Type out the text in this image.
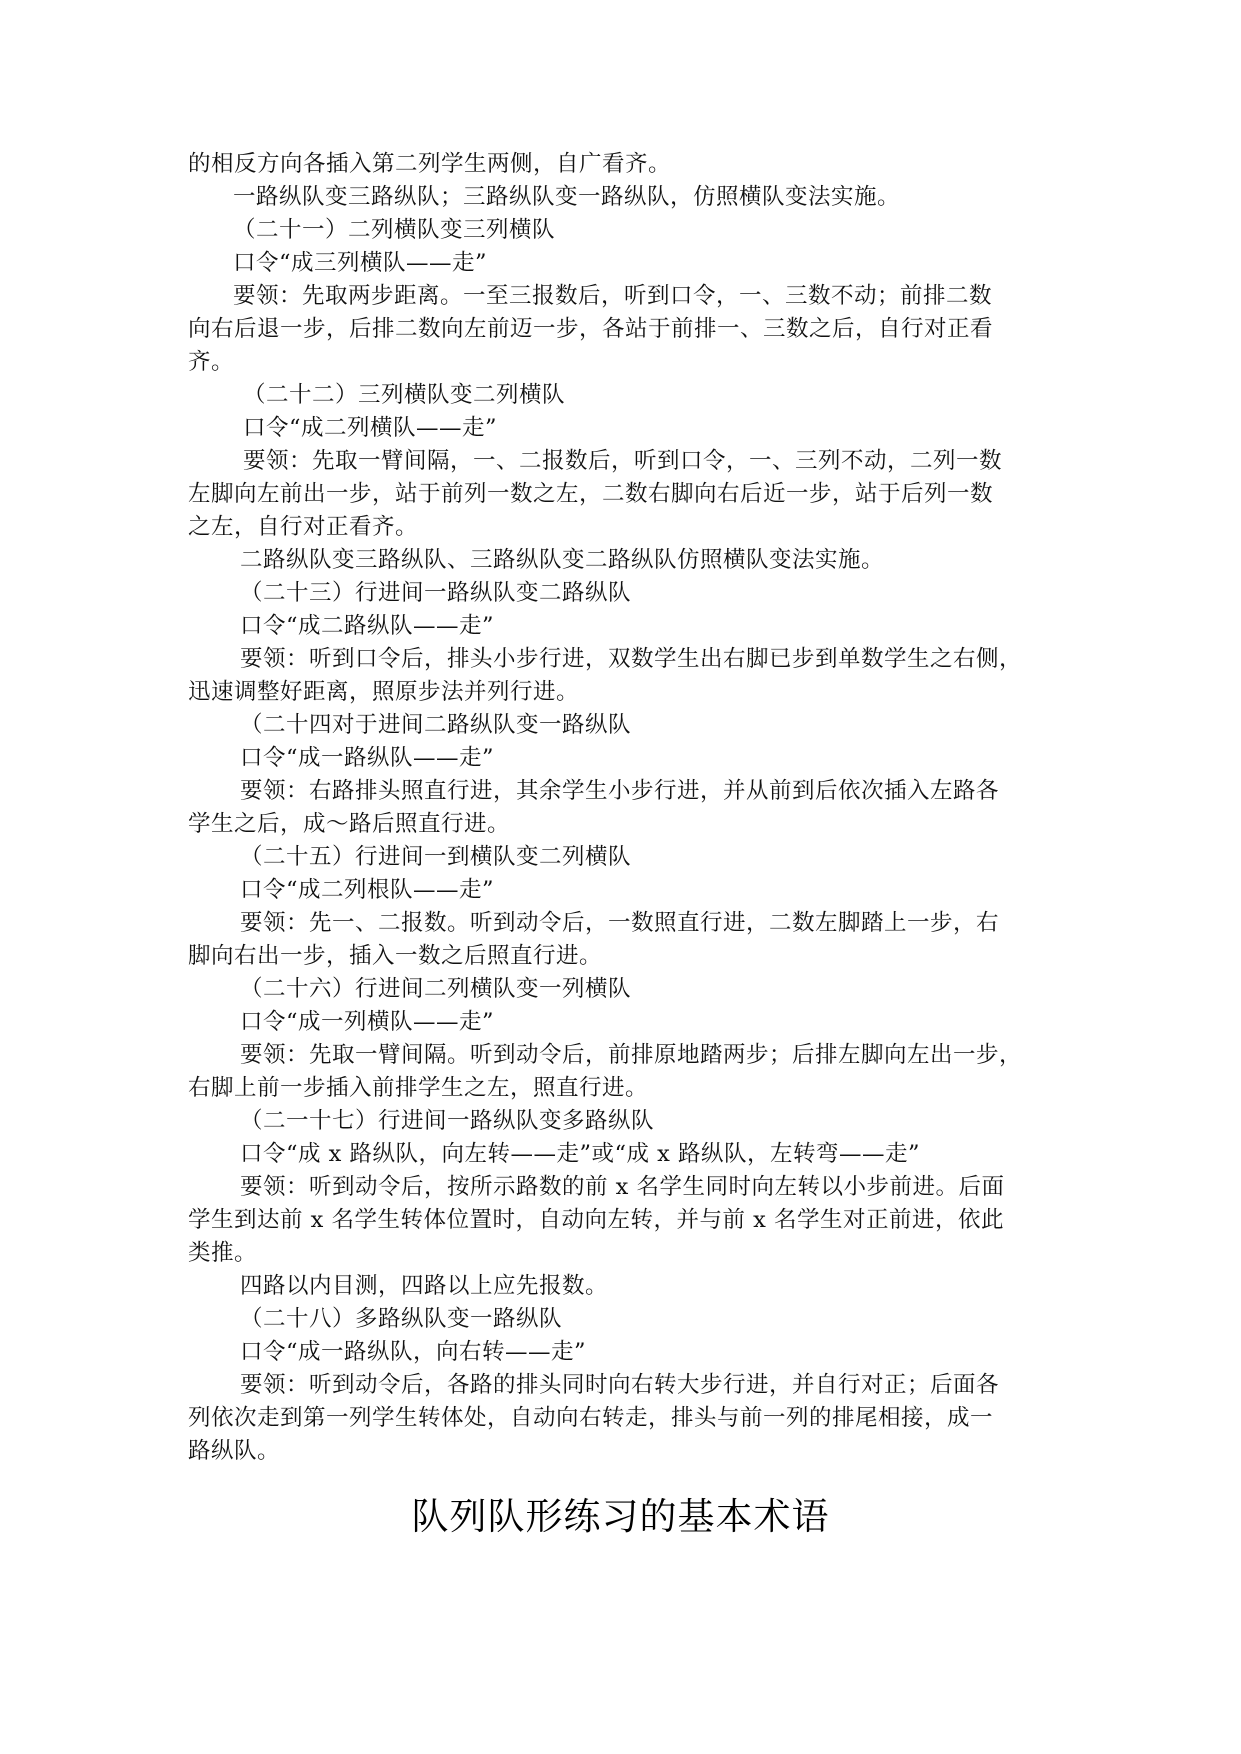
的相反方向各插入第二列学生两侧，自广看齐。
一路纵队变三路纵队；三路纵队变一路纵队，仿照横队变法实施。
（二十一）二列横队变三列横队
口令“成三列横队——走”
要领：先取两步距离。一至三报数后，听到口令，一、三数不动；前排二数
向右后退一步，后排二数向左前迈一步，各站于前排一、三数之后，自行对正看
齐。
（二十二）三列横队变二列横队
口令“成二列横队——走”
要领：先取一臂间隔，一、二报数后，听到口令，一、三列不动，二列一数
左脚向左前出一步，站于前列一数之左，二数右脚向右后近一步，站于后列一数
之左，自行对正看齐。
二路纵队变三路纵队、三路纵队变二路纵队仿照横队变法实施。
（二十三）行进间一路纵队变二路纵队
口令“成二路纵队——走”
要领：听到口令后，排头小步行进，双数学生出右脚已步到单数学生之右侧，
迅速调整好距离，照原步法并列行进。
（二十四对于进间二路纵队变一路纵队
口令“成一路纵队——走”
要领：右路排头照直行进，其余学生小步行进，并从前到后依次插入左路各
学生之后，成～路后照直行进。
（二十五）行进间一到横队变二列横队
口令“成二列根队——走”
要领：先一、二报数。听到动令后，一数照直行进，二数左脚踏上一步，右
脚向右出一步，插入一数之后照直行进。
（二十六）行进间二列横队变一列横队
口令“成一列横队——走”
要领：先取一臂间隔。听到动令后，前排原地踏两步；后排左脚向左出一步，
右脚上前一步插入前排学生之左，照直行进。
（二一十七）行进间一路纵队变多路纵队
口令“成 x 路纵队，向左转——走”或“成 x 路纵队，左转弯——走”
要领：听到动令后，按所示路数的前 x 名学生同时向左转以小步前进。后面
学生到达前 x 名学生转体位置时，自动向左转，并与前 x 名学生对正前进，依此
类推。
四路以内目测，四路以上应先报数。
（二十八）多路纵队变一路纵队
口令“成一路纵队，向右转——走”
要领：听到动令后，各路的排头同时向右转大步行进，并自行对正；后面各
列依次走到第一列学生转体处，自动向右转走，排头与前一列的排尾相接，成一
路纵队。
队列队形练习的基本术语
